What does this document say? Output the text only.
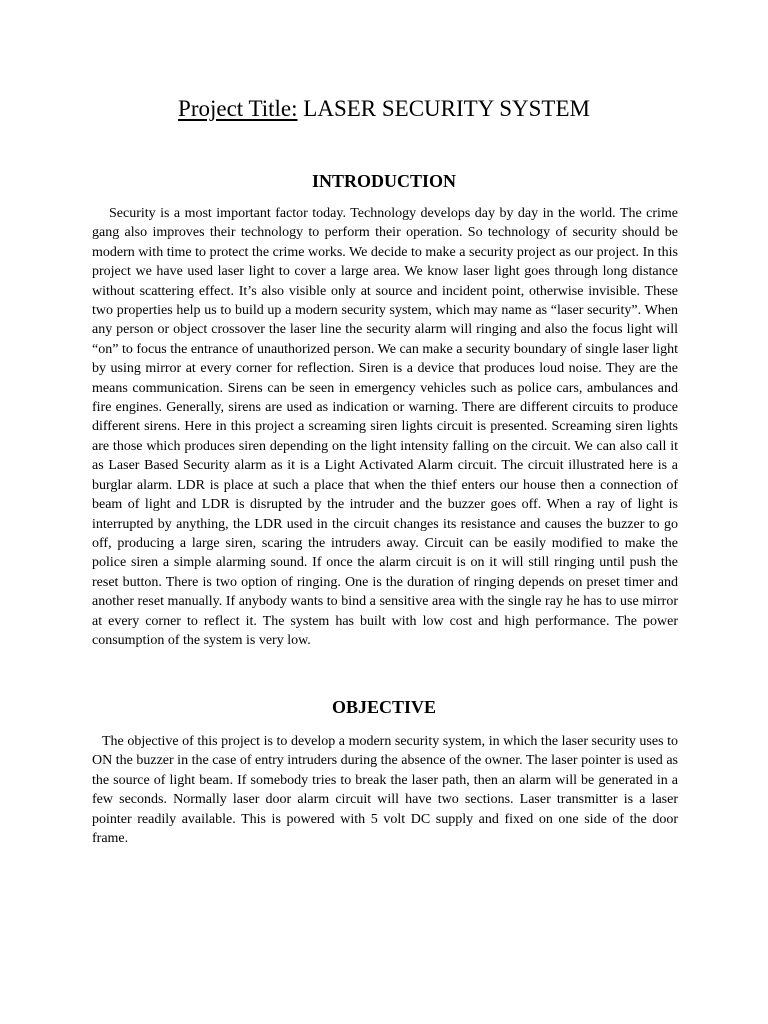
Project Title: LASER SECURITY SYSTEM
INTRODUCTION

Security is a most important factor today. Technology develops day by day in the world. The crime gang also improves their technology to perform their operation. So technology of security should be modern with time to protect the crime works. We decide to make a security project as our project. In this project we have used laser light to cover a large area. We know laser light goes through long distance without scattering effect. It’s also visible only at source and incident point, otherwise invisible. These two properties help us to build up a modern security system, which may name as “laser security”. When any person or object crossover the laser line the security alarm will ringing and also the focus light will “on” to focus the entrance of unauthorized person. We can make a security boundary of single laser light by using mirror at every corner for reflection. Siren is a device that produces loud noise. They are the means communication. Sirens can be seen in emergency vehicles such as police cars, ambulances and fire engines. Generally, sirens are used as indication or warning. There are different circuits to produce different sirens. Here in this project a screaming siren lights circuit is presented. Screaming siren lights are those which produces siren depending on the light intensity falling on the circuit. We can also call it as Laser Based Security alarm as it is a Light Activated Alarm circuit. The circuit illustrated here is a burglar alarm. LDR is place at such a place that when the thief enters our house then a connection of beam of light and LDR is disrupted by the intruder and the buzzer goes off. When a ray of light is interrupted by anything, the LDR used in the circuit changes its resistance and causes the buzzer to go off, producing a large siren, scaring the intruders away. Circuit can be easily modified to make the police siren a simple alarming sound. If once the alarm circuit is on it will still ringing until push the reset button. There is two option of ringing. One is the duration of ringing depends on preset timer and another reset manually. If anybody wants to bind a sensitive area with the single ray he has to use mirror at every corner to reflect it. The system has built with low cost and high performance. The power consumption of the system is very low.

OBJECTIVE

The objective of this project is to develop a modern security system, in which the laser security uses to ON the buzzer in the case of entry intruders during the absence of the owner. The laser pointer is used as the source of light beam. If somebody tries to break the laser path, then an alarm will be generated in a few seconds. Normally laser door alarm circuit will have two sections. Laser transmitter is a laser pointer readily available. This is powered with 5 volt DC supply and fixed on one side of the door frame.
